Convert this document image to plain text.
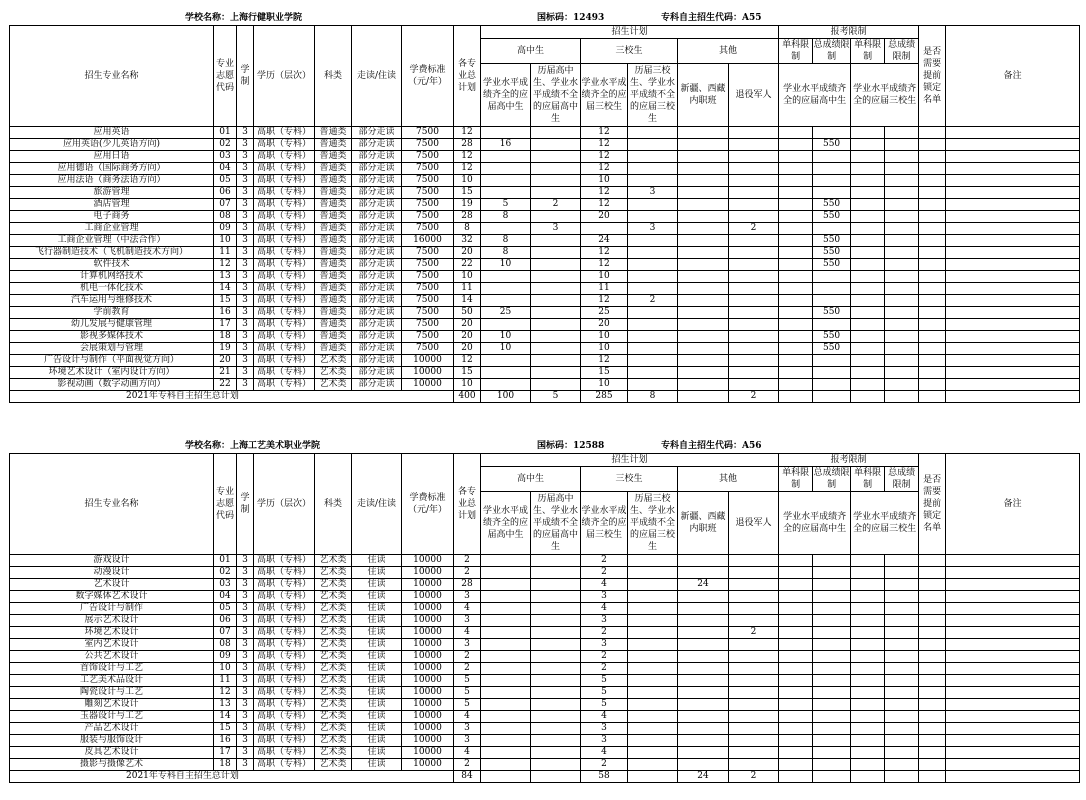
学校名称：上海行健职业学院	国标码：12493	专科自主招生代码：A55
招生专业名称	专业志愿代码	学制	学历（层次）	科类	走读/住读	学费标准（元/年）	各专业总计划	招生计划						报考限制				是否需要提前锁定名单	备注
								高中生		三校生		其他		单科限制	总成绩限制	单科限制	总成绩限制		
								学业水平成绩齐全的应届高中生	历届高中生、学业水平成绩不全的应届高中生	学业水平成绩齐全的应届三校生	历届三校生、学业水平成绩不全的应届三校生	新疆、西藏内职班	退役军人	学业水平成绩齐全的应届高中生		学业水平成绩齐全的应届三校生			
应用英语	01	3	高职（专科）	普通类	部分走读	7500	12			12									
应用英语(少儿英语方向)	02	3	高职（专科）	普通类	部分走读	7500	28	16		12					550				
应用日语	03	3	高职（专科）	普通类	部分走读	7500	12			12									
应用德语（国际商务方向）	04	3	高职（专科）	普通类	部分走读	7500	12			12									
应用法语（商务法语方向）	05	3	高职（专科）	普通类	部分走读	7500	10			10									
旅游管理	06	3	高职（专科）	普通类	部分走读	7500	15			12	3								
酒店管理	07	3	高职（专科）	普通类	部分走读	7500	19	5	2	12					550				
电子商务	08	3	高职（专科）	普通类	部分走读	7500	28	8		20					550				
工商企业管理	09	3	高职（专科）	普通类	部分走读	7500	8		3		3		2						
工商企业管理（中法合作）	10	3	高职（专科）	普通类	部分走读	16000	32	8		24					550				
飞行器制造技术（飞机制造技术方向）	11	3	高职（专科）	普通类	部分走读	7500	20	8		12					550				
软件技术	12	3	高职（专科）	普通类	部分走读	7500	22	10		12					550				
计算机网络技术	13	3	高职（专科）	普通类	部分走读	7500	10			10									
机电一体化技术	14	3	高职（专科）	普通类	部分走读	7500	11			11									
汽车运用与维修技术	15	3	高职（专科）	普通类	部分走读	7500	14			12	2								
学前教育	16	3	高职（专科）	普通类	部分走读	7500	50	25		25					550				
幼儿发展与健康管理	17	3	高职（专科）	普通类	部分走读	7500	20			20									
影视多媒体技术	18	3	高职（专科）	普通类	部分走读	7500	20	10		10					550				
会展策划与管理	19	3	高职（专科）	普通类	部分走读	7500	20	10		10					550				
广告设计与制作（平面视觉方向）	20	3	高职（专科）	艺术类	部分走读	10000	12			12									
环境艺术设计（室内设计方向）	21	3	高职（专科）	艺术类	部分走读	10000	15			15									
影视动画（数字动画方向）	22	3	高职（专科）	艺术类	部分走读	10000	10			10									
2021年专科自主招生总计划							400	100	5	285	8		2						
学校名称：上海工艺美术职业学院	国标码：12588	专科自主招生代码：A56
招生专业名称	专业志愿代码	学制	学历（层次）	科类	走读/住读	学费标准（元/年）	各专业总计划	招生计划						报考限制				是否需要提前锁定名单	备注
								高中生		三校生		其他		单科限制	总成绩限制	单科限制	总成绩限制		
								学业水平成绩齐全的应届高中生	历届高中生、学业水平成绩不全的应届高中生	学业水平成绩齐全的应届三校生	历届三校生、学业水平成绩不全的应届三校生	新疆、西藏内职班	退役军人	学业水平成绩齐全的应届高中生		学业水平成绩齐全的应届三校生			
游戏设计	01	3	高职（专科）	艺术类	住读	10000	2			2									
动漫设计	02	3	高职（专科）	艺术类	住读	10000	2			2									
艺术设计	03	3	高职（专科）	艺术类	住读	10000	28			4		24							
数字媒体艺术设计	04	3	高职（专科）	艺术类	住读	10000	3			3									
广告设计与制作	05	3	高职（专科）	艺术类	住读	10000	4			4									
展示艺术设计	06	3	高职（专科）	艺术类	住读	10000	3			3									
环境艺术设计	07	3	高职（专科）	艺术类	住读	10000	4			2			2						
室内艺术设计	08	3	高职（专科）	艺术类	住读	10000	3			3									
公共艺术设计	09	3	高职（专科）	艺术类	住读	10000	2			2									
首饰设计与工艺	10	3	高职（专科）	艺术类	住读	10000	2			2									
工艺美术品设计	11	3	高职（专科）	艺术类	住读	10000	5			5									
陶瓷设计与工艺	12	3	高职（专科）	艺术类	住读	10000	5			5									
雕刻艺术设计	13	3	高职（专科）	艺术类	住读	10000	5			5									
玉器设计与工艺	14	3	高职（专科）	艺术类	住读	10000	4			4									
产品艺术设计	15	3	高职（专科）	艺术类	住读	10000	3			3									
服装与服饰设计	16	3	高职（专科）	艺术类	住读	10000	3			3									
皮具艺术设计	17	3	高职（专科）	艺术类	住读	10000	4			4									
摄影与摄像艺术	18	3	高职（专科）	艺术类	住读	10000	2			2									
2021年专科自主招生总计划							84			58		24	2						
